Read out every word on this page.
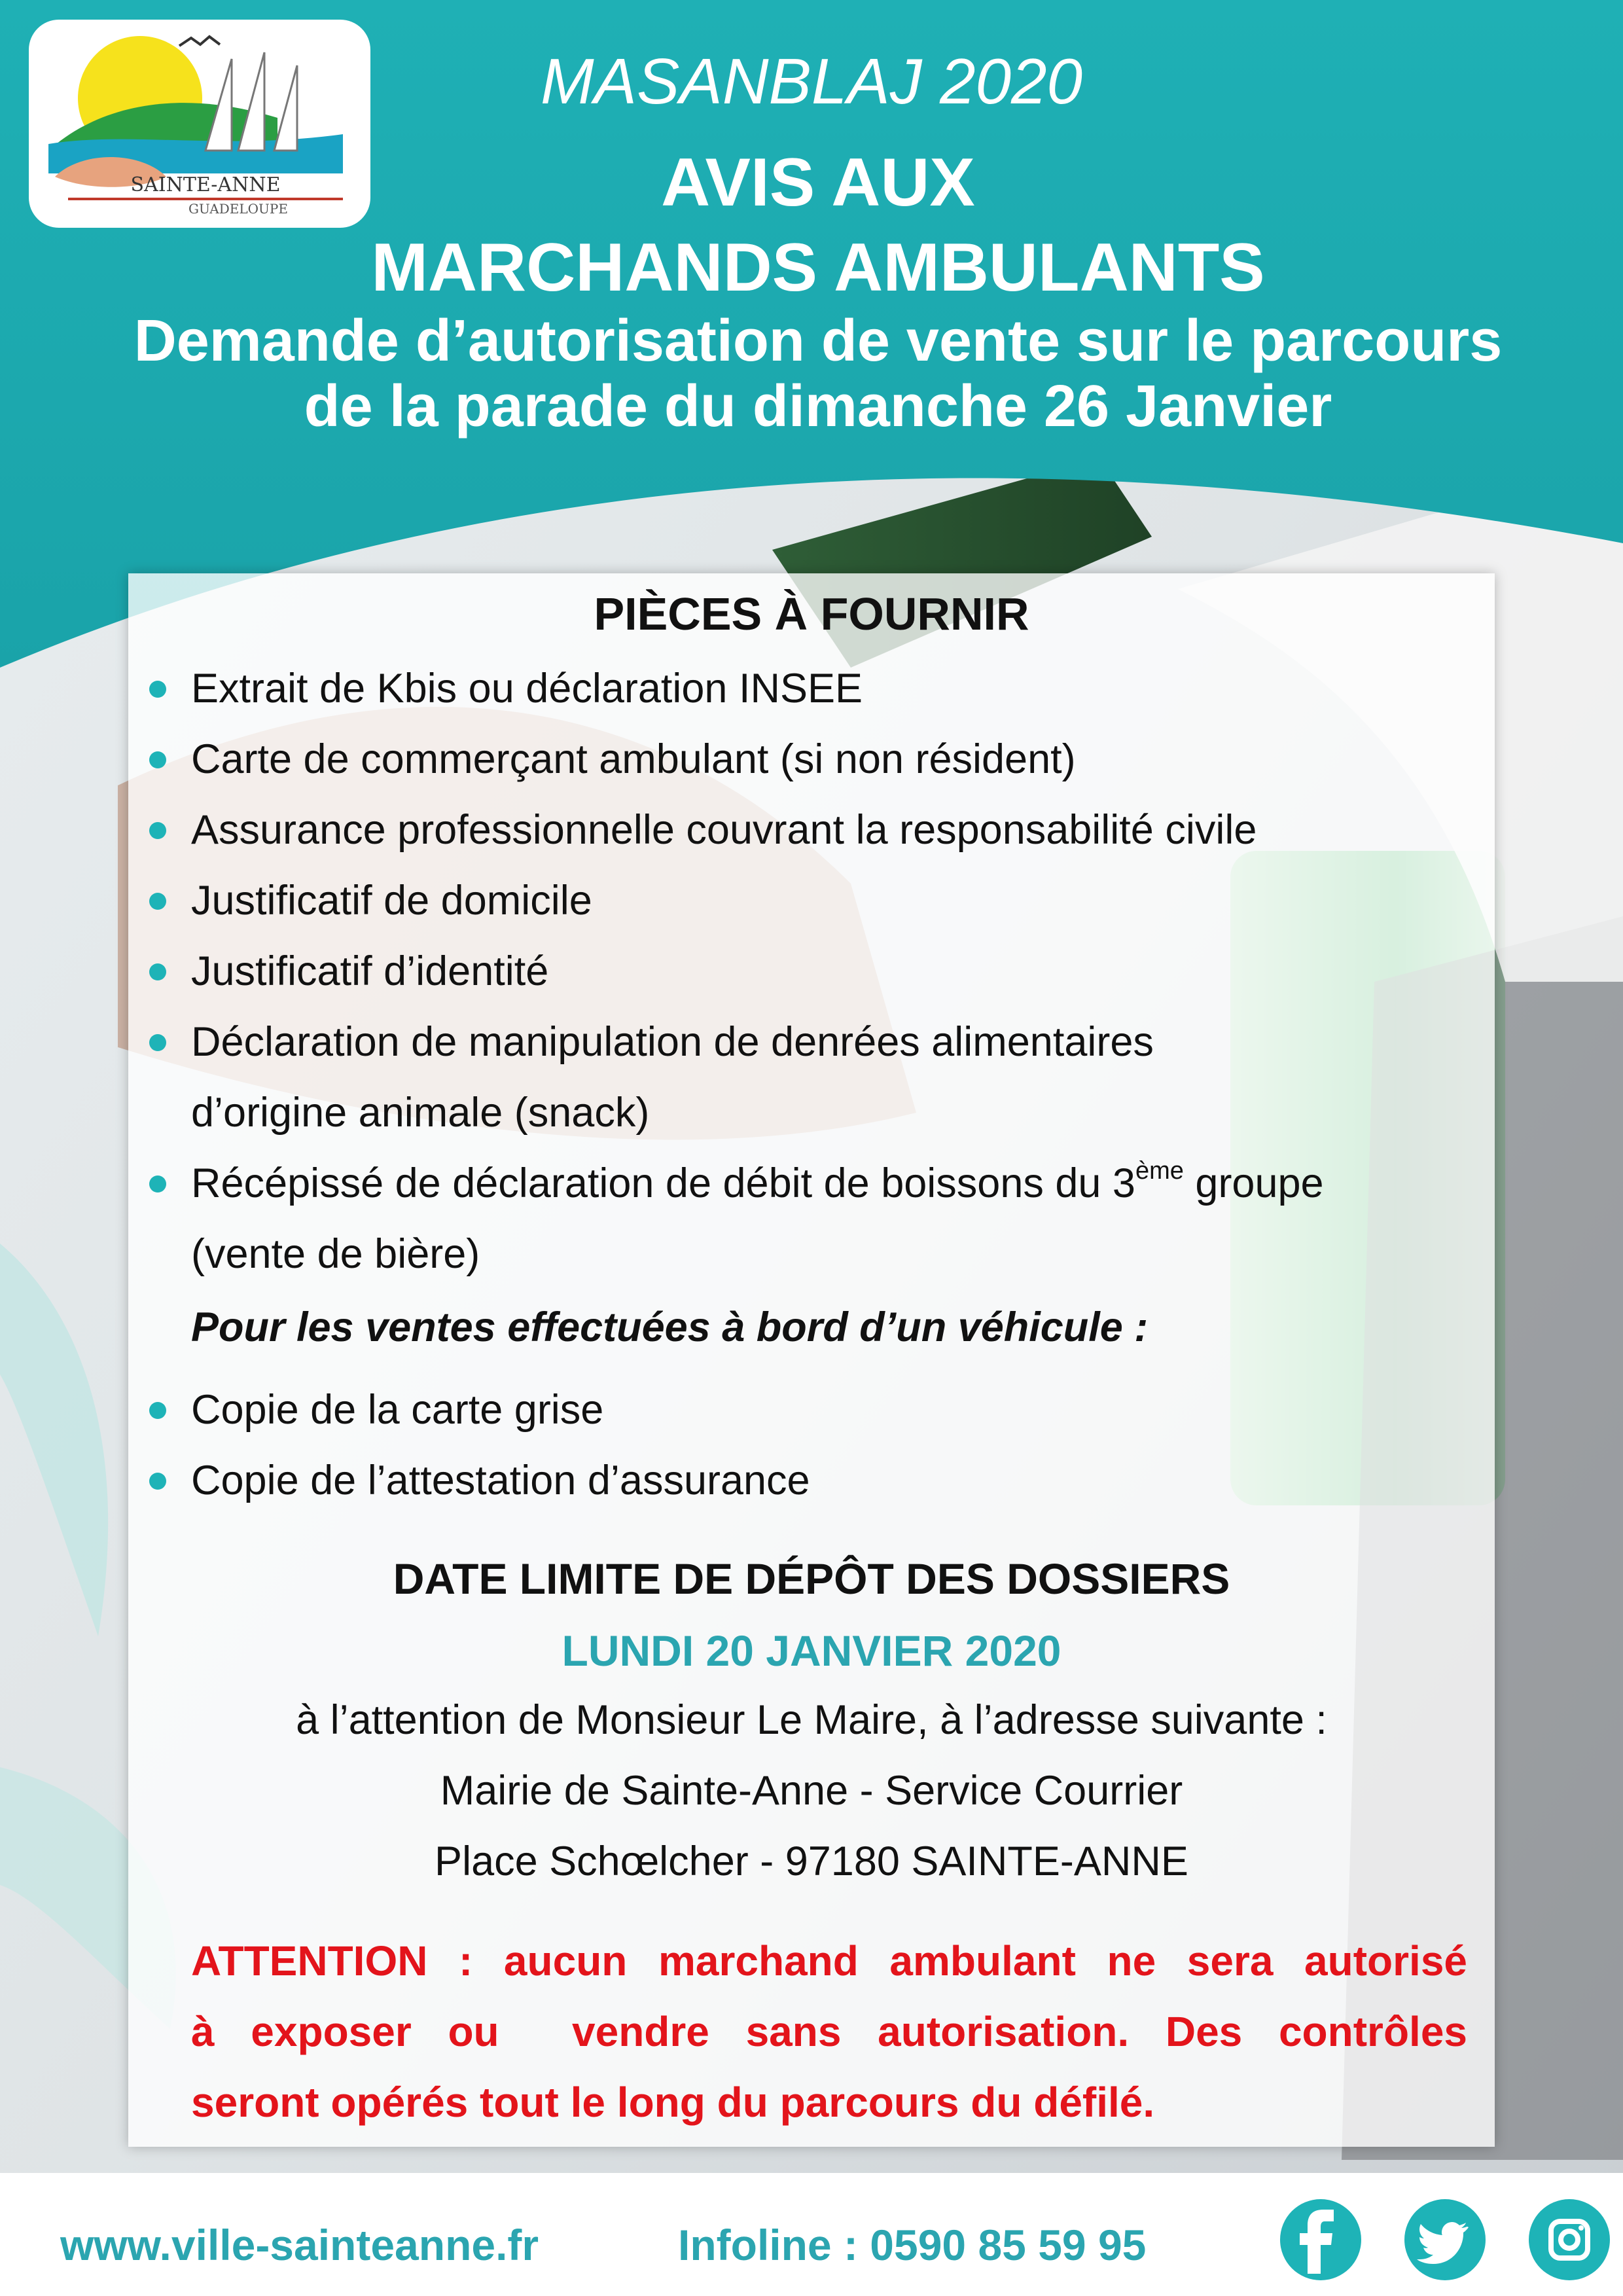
SAINTE-ANNE
GUADELOUPE
MASANBLAJ 2020
AVIS AUX
MARCHANDS AMBULANTS
Demande d’autorisation de vente sur le parcours
de la parade du dimanche 26 Janvier
PIÈCES À FOURNIR
Extrait de Kbis ou déclaration INSEE
Carte de commerçant ambulant (si non résident)
Assurance professionnelle couvrant la responsabilité civile
Justificatif de domicile
Justificatif d’identité
Déclaration de manipulation de denrées alimentaires
d’origine animale (snack)
Récépissé de déclaration de débit de boissons du 3ème groupe
(vente de bière)
Pour les ventes effectuées à bord d’un véhicule :
Copie de la carte grise
Copie de l’attestation d’assurance
DATE LIMITE DE DÉPÔT DES DOSSIERS
LUNDI 20 JANVIER 2020
à l’attention de Monsieur Le Maire, à l’adresse suivante :
Mairie de Sainte-Anne - Service Courrier
Place Schœlcher - 97180 SAINTE-ANNE
ATTENTION : aucun marchand ambulant ne sera autorisé
à exposer ou  vendre sans autorisation. Des contrôles
seront opérés tout le long du parcours du défilé.
www.ville-sainteanne.fr	Infoline : 0590 85 59 95
